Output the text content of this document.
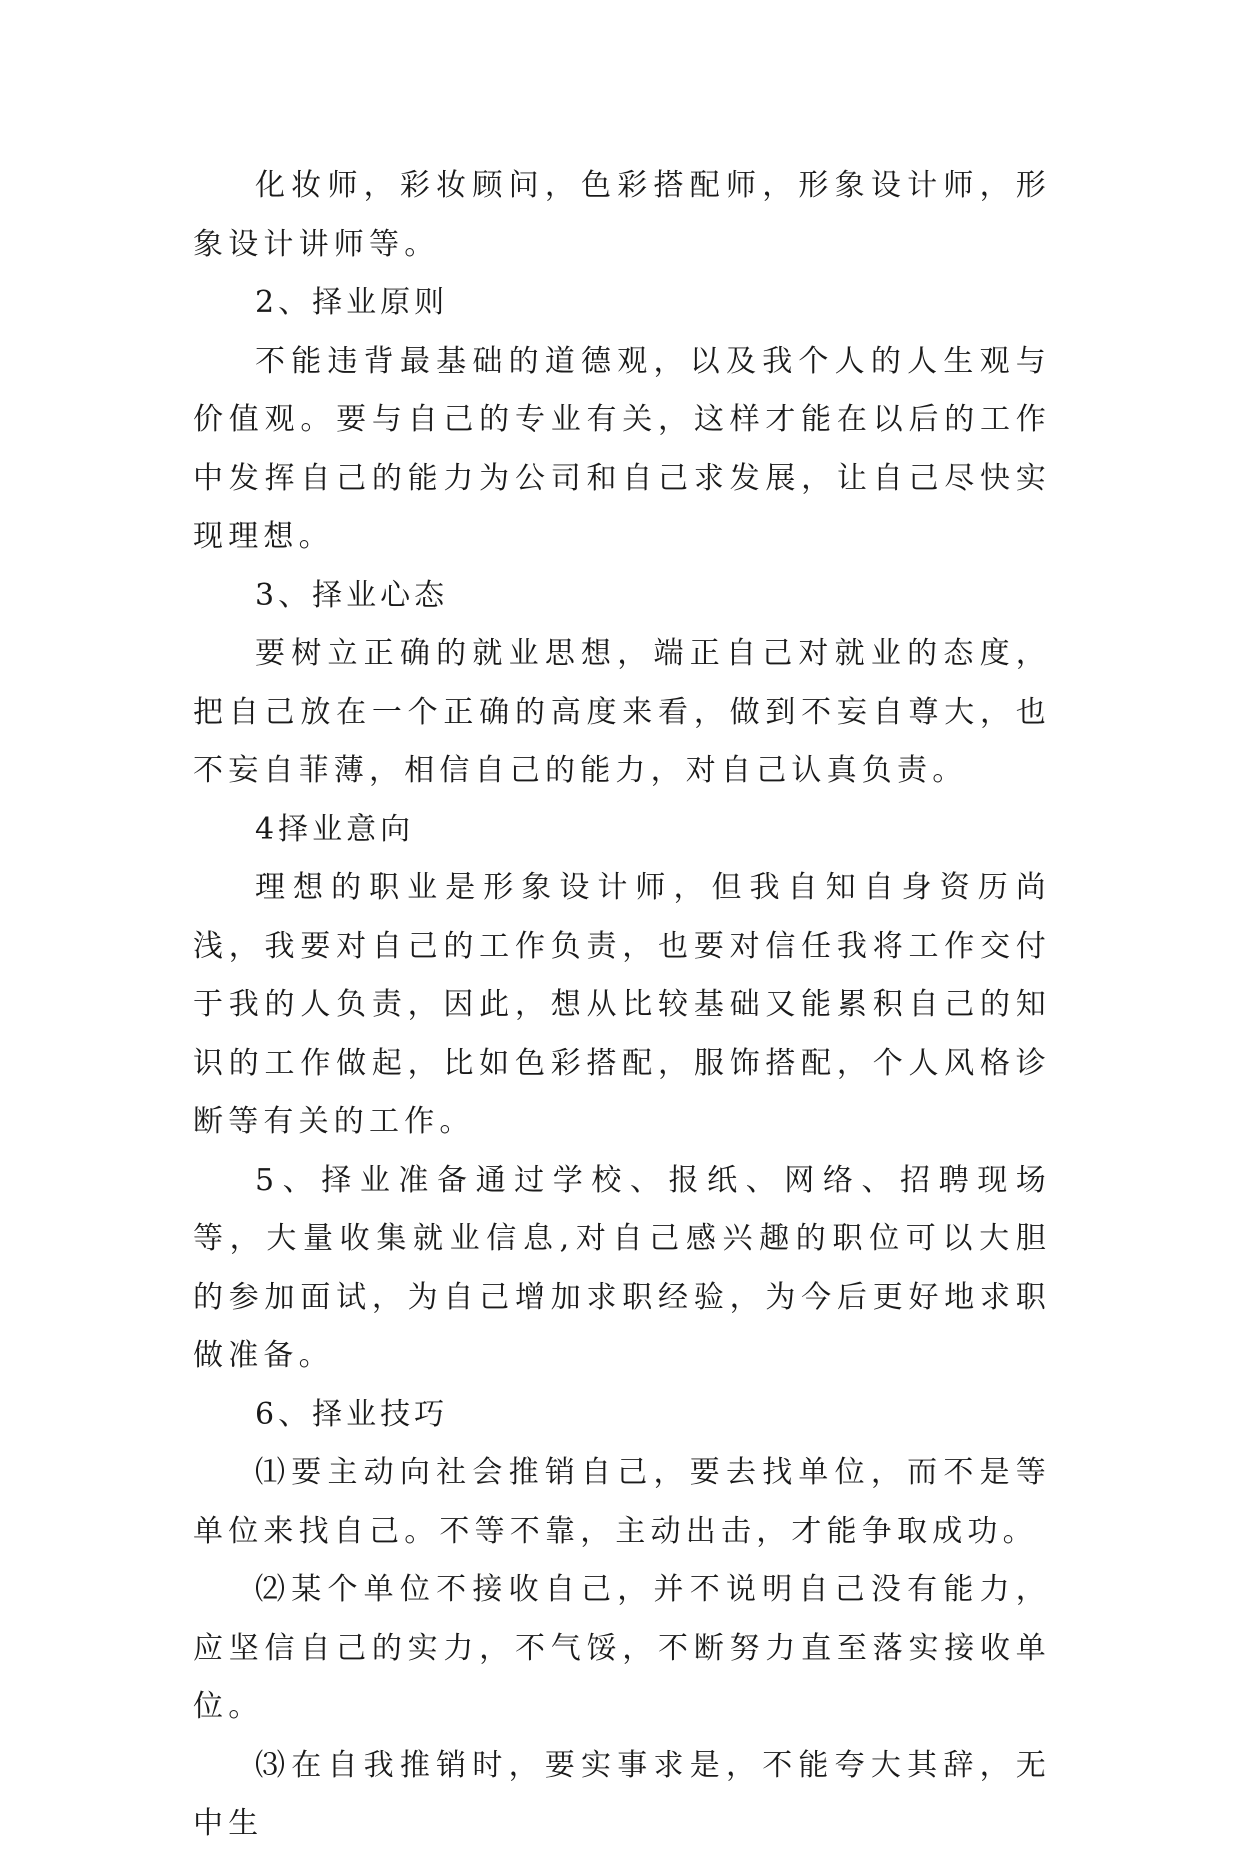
化妆师，彩妆顾问，色彩搭配师，形象设计师，形象设计讲师等。

2、择业原则

不能违背最基础的道德观，以及我个人的人生观与价值观。要与自己的专业有关，这样才能在以后的工作中发挥自己的能力为公司和自己求发展，让自己尽快实现理想。

3、择业心态

要树立正确的就业思想，端正自己对就业的态度，把自己放在一个正确的高度来看，做到不妄自尊大，也不妄自菲薄，相信自己的能力，对自己认真负责。

4择业意向

理想的职业是形象设计师，但我自知自身资历尚浅，我要对自己的工作负责，也要对信任我将工作交付于我的人负责，因此，想从比较基础又能累积自己的知识的工作做起，比如色彩搭配，服饰搭配，个人风格诊断等有关的工作。

5、择业准备通过学校、报纸、网络、招聘现场等，大量收集就业信息,对自己感兴趣的职位可以大胆的参加面试，为自己增加求职经验，为今后更好地求职做准备。

6、择业技巧

⑴要主动向社会推销自己，要去找单位，而不是等单位来找自己。不等不靠，主动出击，才能争取成功。

⑵某个单位不接收自己，并不说明自己没有能力，应坚信自己的实力，不气馁，不断努力直至落实接收单位。

⑶在自我推销时，要实事求是，不能夸大其辞，无中生
